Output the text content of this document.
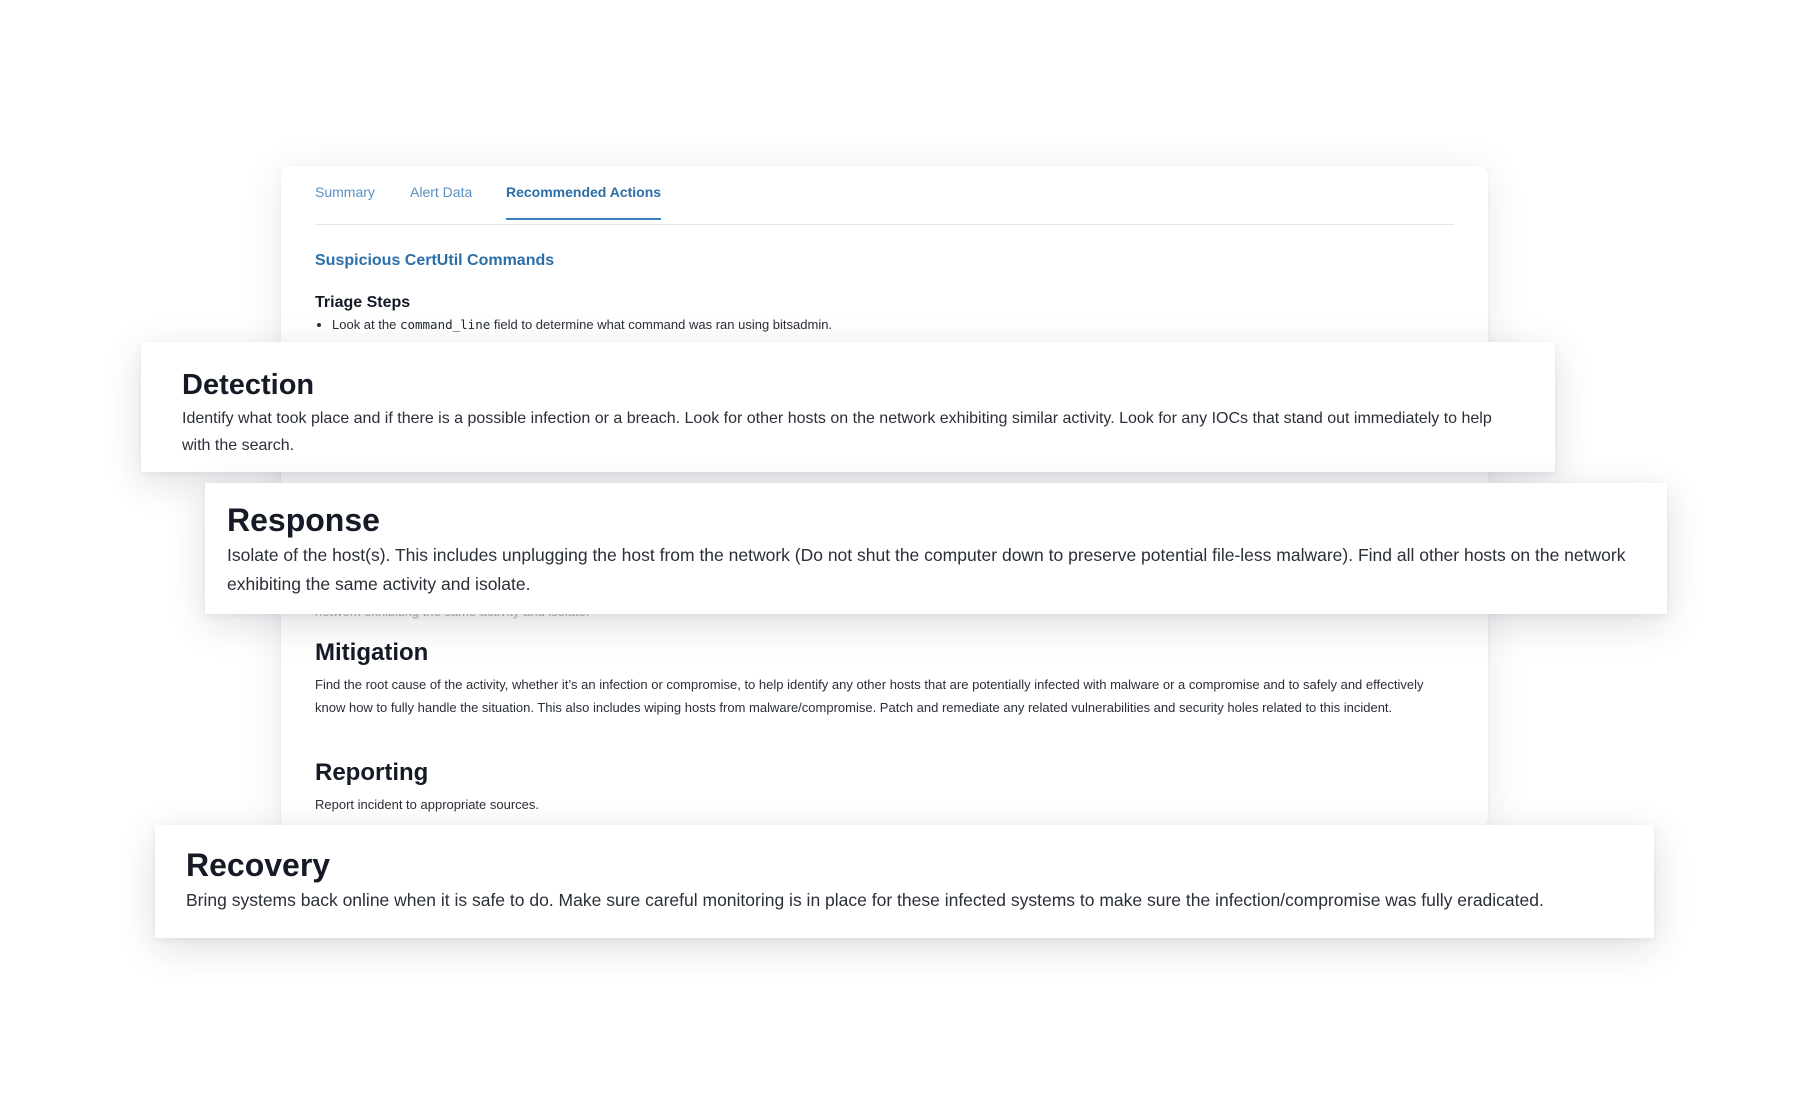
Summary	Alert Data Recommended Actions
Suspicious CertUtil Commands
Triage Steps
• Look at the command_line field to determine what command was ran using bitsadmin.
Mitigation

Find the root cause of the activity, whether it’s an infection or compromise, to help identify any other hosts that are potentially infected with malware or a compromise and to safely and effectively know how to fully handle the situation. This also includes wiping hosts from malware/compromise. Patch and remediate any related vulnerabilities and security holes related to this incident.

Reporting

Report incident to appropriate sources.

Detection

Identify what took place and if there is a possible infection or a breach. Look for other hosts on the network exhibiting similar activity. Look for any IOCs that stand out immediately to help with the search.

Response

Isolate of the host(s). This includes unplugging the host from the network (Do not shut the computer down to preserve potential file-less malware). Find all other hosts on the network exhibiting the same activity and isolate.

Recovery

Bring systems back online when it is safe to do. Make sure careful monitoring is in place for these infected systems to make sure the infection/compromise was fully eradicated.
